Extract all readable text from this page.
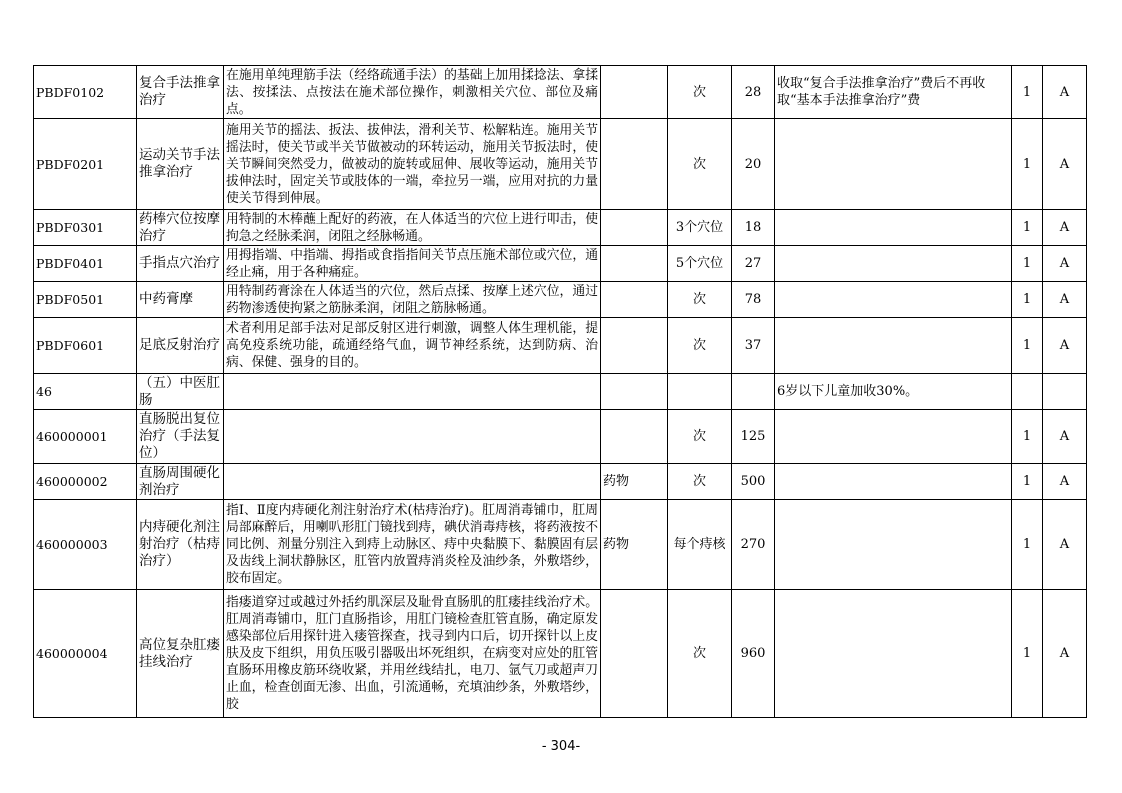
PBDF0102	复合手法推拿治疗	在施用单纯理筋手法（经络疏通手法）的基础上加用揉捻法、拿揉法、按揉法、点按法在施术部位操作，刺激相关穴位、部位及痛点。		次	28	收取“复合手法推拿治疗”费后不再收取“基本手法推拿治疗”费	1	A
PBDF0201	运动关节手法推拿治疗	施用关节的摇法、扳法、拔伸法，滑利关节、松解粘连。施用关节摇法时，使关节或半关节做被动的环转运动，施用关节扳法时，使关节瞬间突然受力，做被动的旋转或屈伸、展收等运动，施用关节拔伸法时，固定关节或肢体的一端，牵拉另一端，应用对抗的力量使关节得到伸展。		次	20		1	A
PBDF0301	药棒穴位按摩治疗	用特制的木棒蘸上配好的药液，在人体适当的穴位上进行叩击，使拘急之经脉柔润，闭阻之经脉畅通。		3个穴位	18		1	A
PBDF0401	手指点穴治疗	用拇指端、中指端、拇指或食指指间关节点压施术部位或穴位，通经止痛，用于各种痛症。		5个穴位	27		1	A
PBDF0501	中药膏摩	用特制药膏涂在人体适当的穴位，然后点揉、按摩上述穴位，通过药物渗透使拘紧之筋脉柔润，闭阻之筋脉畅通。		次	78		1	A
PBDF0601	足底反射治疗	术者利用足部手法对足部反射区进行刺激，调整人体生理机能，提高免疫系统功能，疏通经络气血，调节神经系统，达到防病、治病、保健、强身的目的。		次	37		1	A
46	（五）中医肛肠					6岁以下儿童加收30%。		
460000001	直肠脱出复位治疗（手法复位）			次	125		1	A
460000002	直肠周围硬化剂治疗		药物	次	500		1	A
460000003	内痔硬化剂注射治疗（枯痔治疗）	指Ⅰ、Ⅱ度内痔硬化剂注射治疗术(枯痔治疗)。肛周消毒铺巾，肛周局部麻醉后，用喇叭形肛门镜找到痔，碘伏消毒痔核，将药液按不同比例、剂量分别注入到痔上动脉区、痔中央黏膜下、黏膜固有层及齿线上洞状静脉区，肛管内放置痔消炎栓及油纱条，外敷塔纱，胶布固定。	药物	每个痔核	270		1	A
460000004	高位复杂肛瘘挂线治疗	指瘘道穿过或越过外括约肌深层及耻骨直肠肌的肛瘘挂线治疗术。肛周消毒铺巾，肛门直肠指诊，用肛门镜检查肛管直肠，确定原发感染部位后用探针进入瘘管探查，找寻到内口后，切开探针以上皮肤及皮下组织，用负压吸引器吸出坏死组织，在病变对应处的肛管直肠环用橡皮筋环绕收紧，并用丝线结扎，电刀、氩气刀或超声刀止血，检查创面无渗、出血，引流通畅，充填油纱条，外敷塔纱，胶		次	960		1	A
- 304-
